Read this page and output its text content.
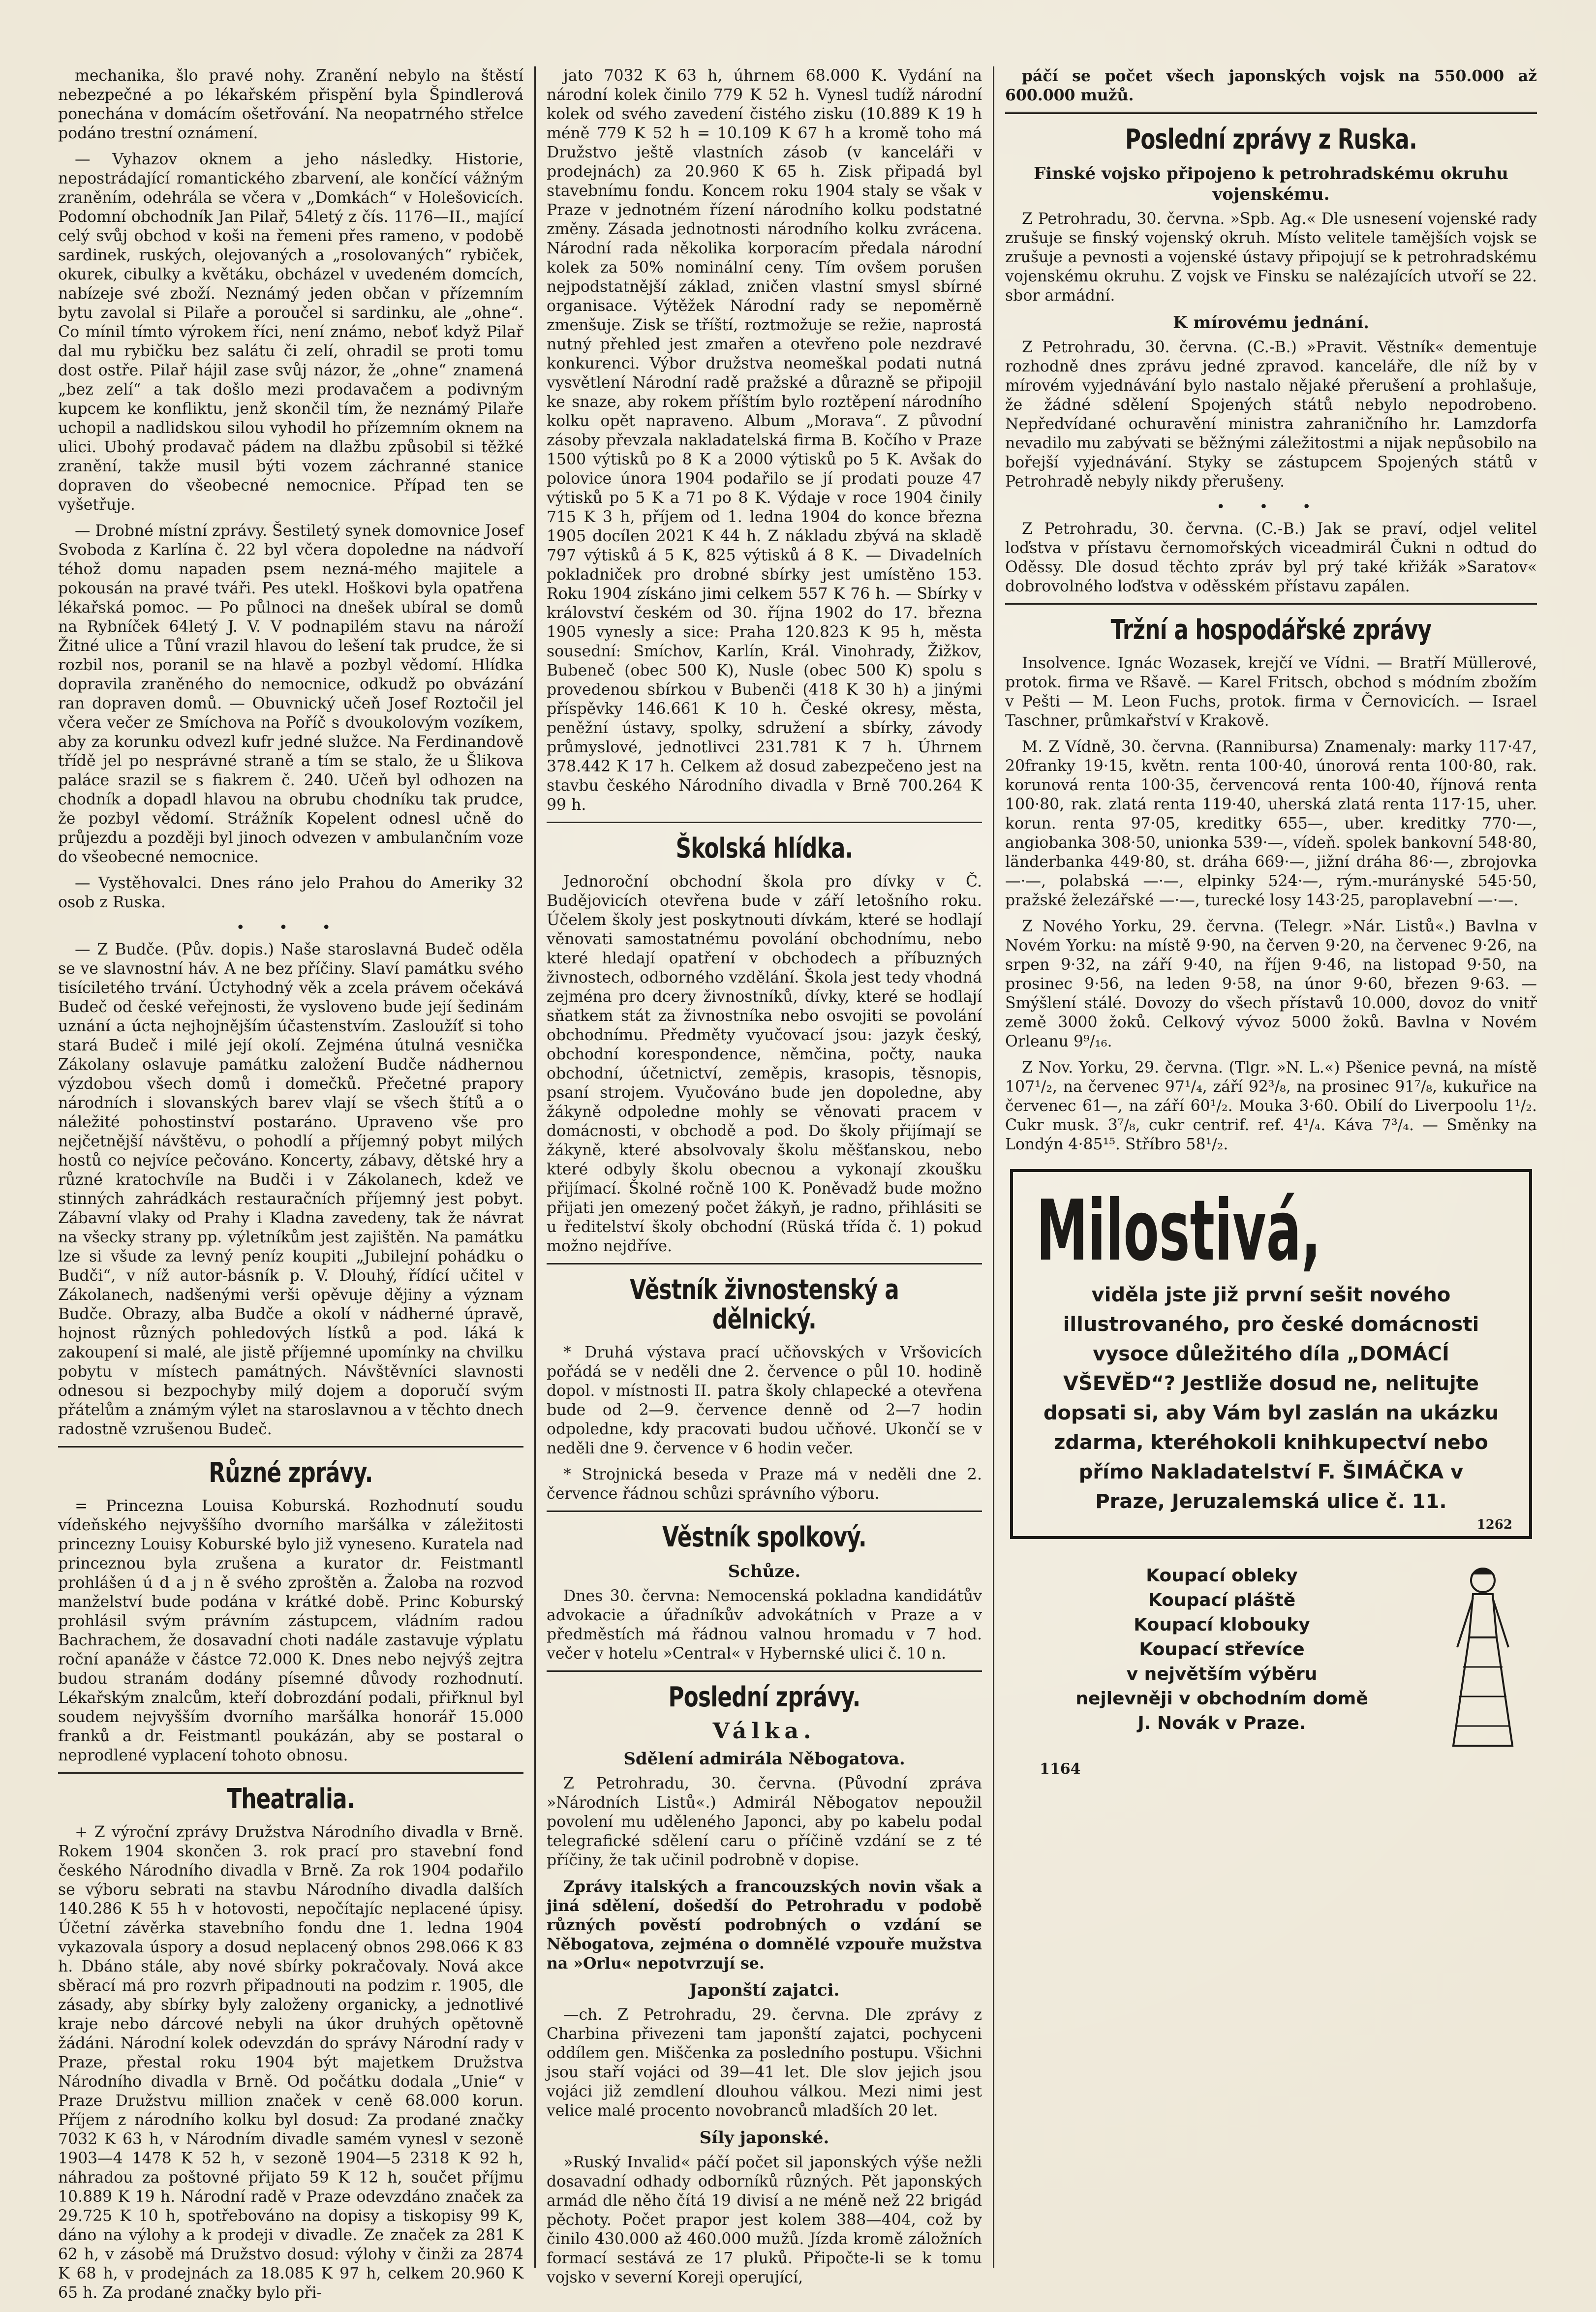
mechanika, šlo pravé nohy. Zranění nebylo na štěstí nebezpečné a po lékařském přispění byla Špindlerová ponechána v domácím ošetřování. Na neopatrného střelce podáno trestní oznámení.

— Vyhazov oknem a jeho následky. Historie, nepostrádající romantického zbarvení, ale končící vážným zraněním, odehrála se včera v „Domkách“ v Holešovicích. Podomní obchodník Jan Pilař, 54letý z čís. 1176—II., mající celý svůj obchod v koši na řemeni přes rameno, v podobě sardinek, ruských, olejovaných a „rosolovaných“ rybiček, okurek, cibulky a květáku, obcházel v uvedeném domcích, nabízeje své zboží. Neznámý jeden občan v přízemním bytu zavolal si Pilaře a poroučel si sardinku, ale „ohne“. Co mínil tímto výrokem říci, není známo, neboť když Pilař dal mu rybičku bez salátu či zelí, ohradil se proti tomu dost ostře. Pilař hájil zase svůj názor, že „ohne“ znamená „bez zelí“ a tak došlo mezi prodavačem a podivným kupcem ke konfliktu, jenž skončil tím, že neznámý Pilaře uchopil a nadlidskou silou vyhodil ho přízemním oknem na ulici. Ubohý prodavač pádem na dlažbu způsobil si těžké zranění, takže musil býti vozem záchranné stanice dopraven do všeobecné nemocnice. Případ ten se vyšetřuje.

— Drobné místní zprávy. Šestiletý synek domovnice Josef Svoboda z Karlína č. 22 byl včera dopoledne na nádvoří téhož domu napaden psem nezná-mého majitele a pokousán na pravé tváři. Pes utekl. Hoškovi byla opatřena lékařská pomoc. — Po půlnoci na dnešek ubíral se domů na Rybníček 64letý J. V. V podnapilém stavu na nároží Žitné ulice a Tůní vrazil hlavou do lešení tak prudce, že si rozbil nos, poranil se na hlavě a pozbyl vědomí. Hlídka dopravila zraněného do nemocnice, odkudž po obvázání ran dopraven domů. — Obuvnický učeň Josef Roztočil jel včera večer ze Smíchova na Poříč s dvoukolovým vozíkem, aby za korunku odvezl kufr jedné služce. Na Ferdinandově třídě jel po nesprávné straně a tím se stalo, že u Šlikova paláce srazil se s fiakrem č. 240. Učeň byl odhozen na chodník a dopadl hlavou na obrubu chodníku tak prudce, že pozbyl vědomí. Strážník Kopelent odnesl učně do průjezdu a později byl jinoch odvezen v ambulančním voze do všeobecné nemocnice.

— Vystěhovalci. Dnes ráno jelo Prahou do Ameriky 32 osob z Ruska.

• • •

— Z Budče. (Pův. dopis.) Naše staroslavná Budeč oděla se ve slavnostní háv. A ne bez příčiny. Slaví památku svého tisíciletého trvání. Úctyhodný věk a zcela právem očekává Budeč od české veřejnosti, že vysloveno bude její šedinám uznání a úcta nejhojnějším účastenstvím. Zasloužíť si toho stará Budeč i milé její okolí. Zejména útulná vesnička Zákolany oslavuje památku založení Budče nádhernou výzdobou všech domů i domečků. Přečetné prapory národních i slovanských barev vlají se všech štítů a o náležité pohostinství postaráno. Upraveno vše pro nejčetnější návštěvu, o pohodlí a příjemný pobyt milých hostů co nejvíce pečováno. Koncerty, zábavy, dětské hry a různé kratochvíle na Budči i v Zákolanech, kdež ve stinných zahrádkách restauračních příjemný jest pobyt. Zábavní vlaky od Prahy i Kladna zavedeny, tak že návrat na všecky strany pp. výletníkům jest zajištěn. Na památku lze si všude za levný peníz koupiti „Jubilejní pohádku o Budči“, v níž autor-básník p. V. Dlouhý, řídící učitel v Zákolanech, nadšenými verši opěvuje dějiny a význam Budče. Obrazy, alba Budče a okolí v nádherné úpravě, hojnost různých pohledových lístků a pod. láká k zakoupení si malé, ale jistě příjemné upomínky na chvilku pobytu v místech památných. Návštěvníci slavnosti odnesou si bezpochyby milý dojem a doporučí svým přátelům a známým výlet na staroslavnou a v těchto dnech radostně vzrušenou Budeč.

Různé zprávy.

= Princezna Louisa Koburská. Rozhodnutí soudu vídeňského nejvyššího dvorního maršálka v záležitosti princezny Louisy Koburské bylo již vyneseno. Kuratela nad princeznou byla zrušena a kurator dr. Feistmantl prohlášen ú d a j n ě svého zproštěn a. Žaloba na rozvod manželství bude podána v krátké době. Princ Koburský prohlásil svým právním zástupcem, vládním radou Bachrachem, že dosavadní choti nadále zastavuje výplatu roční apanáže v částce 72.000 K. Dnes nebo nejvýš zejtra budou stranám dodány písemné důvody rozhodnutí. Lékařským znalcům, kteří dobrozdání podali, přiřknul byl soudem nejvyšším dvorního maršálka honorář 15.000 franků a dr. Feistmantl poukázán, aby se postaral o neprodlené vyplacení tohoto obnosu.

Theatralia.

+ Z výroční zprávy Družstva Národního divadla v Brně. Rokem 1904 skončen 3. rok prací pro stavební fond českého Národního divadla v Brně. Za rok 1904 podařilo se výboru sebrati na stavbu Národního divadla dalších 140.286 K 55 h v hotovosti, nepočítajíc neplacené úpisy. Účetní závěrka stavebního fondu dne 1. ledna 1904 vykazovala úspory a dosud neplacený obnos 298.066 K 83 h. Dbáno stále, aby nové sbírky pokračovaly. Nová akce sběrací má pro rozvrh připadnouti na podzim r. 1905, dle zásady, aby sbírky byly založeny organicky, a jednotlivé kraje nebo dárcové nebyli na úkor druhých opětovně žádáni. Národní kolek odevzdán do správy Národní rady v Praze, přestal roku 1904 být majetkem Družstva Národního divadla v Brně. Od počátku dodala „Unie“ v Praze Družstvu million značek v ceně 68.000 korun. Příjem z národního kolku byl dosud: Za prodané značky 7032 K 63 h, v Národním divadle samém vynesl v sezoně 1903—4 1478 K 52 h, v sezoně 1904—5 2318 K 92 h, náhradou za poštovné přijato 59 K 12 h, součet příjmu 10.889 K 19 h. Národní radě v Praze odevzdáno značek za 29.725 K 10 h, spotřebováno na dopisy a tiskopisy 99 K, dáno na výlohy a k prodeji v divadle. Ze značek za 281 K 62 h, v zásobě má Družstvo dosud: výlohy v činži za 2874 K 68 h, v prodejnách za 18.085 K 97 h, celkem 20.960 K 65 h. Za prodané značky bylo při-

jato 7032 K 63 h, úhrnem 68.000 K. Vydání na národní kolek činilo 779 K 52 h. Vynesl tudíž národní kolek od svého zavedení čistého zisku (10.889 K 19 h méně 779 K 52 h = 10.109 K 67 h a kromě toho má Družstvo ještě vlastních zásob (v kanceláři v prodejnách) za 20.960 K 65 h. Zisk připadá byl stavebnímu fondu. Koncem roku 1904 staly se však v Praze v jednotném řízení národního kolku podstatné změny. Zásada jednotnosti národního kolku zvrácena. Národní rada několika korporacím předala národní kolek za 50% nominální ceny. Tím ovšem porušen nejpodstatnější základ, zničen vlastní smysl sbírné organisace. Výtěžek Národní rady se nepoměrně zmenšuje. Zisk se tříští, roztmožuje se režie, naprostá nutný přehled jest zmařen a otevřeno pole nezdravé konkurenci. Výbor družstva neomeškal podati nutná vysvětlení Národní radě pražské a důrazně se připojil ke snaze, aby rokem příštím bylo roztěpení národního kolku opět napraveno. Album „Morava“. Z původní zásoby převzala nakladatelská firma B. Kočího v Praze 1500 výtisků po 8 K a 2000 výtisků po 5 K. Avšak do polovice února 1904 podařilo se jí prodati pouze 47 výtisků po 5 K a 71 po 8 K. Výdaje v roce 1904 činily 715 K 3 h, příjem od 1. ledna 1904 do konce března 1905 docílen 2021 K 44 h. Z nákladu zbývá na skladě 797 výtisků á 5 K, 825 výtisků á 8 K. — Divadelních pokladniček pro drobné sbírky jest umístěno 153. Roku 1904 získáno jimi celkem 557 K 76 h. — Sbírky v království českém od 30. října 1902 do 17. března 1905 vynesly a sice: Praha 120.823 K 95 h, města sousední: Smíchov, Karlín, Král. Vinohrady, Žižkov, Bubeneč (obec 500 K), Nusle (obec 500 K) spolu s provedenou sbírkou v Bubenči (418 K 30 h) a jinými příspěvky 146.661 K 10 h. České okresy, města, peněžní ústavy, spolky, sdružení a sbírky, závody průmyslové, jednotlivci 231.781 K 7 h. Úhrnem 378.442 K 17 h. Celkem až dosud zabezpečeno jest na stavbu českého Národního divadla v Brně 700.264 K 99 h.

Školská hlídka.

Jednoroční obchodní škola pro dívky v Č. Budějovicích otevřena bude v září letošního roku. Účelem školy jest poskytnouti dívkám, které se hodlají věnovati samostatnému povolání obchodnímu, nebo které hledají opatření v obchodech a příbuzných živnostech, odborného vzdělání. Škola jest tedy vhodná zejména pro dcery živnostníků, dívky, které se hodlají sňatkem stát za živnostníka nebo osvojiti se povolání obchodnímu. Předměty vyučovací jsou: jazyk český, obchodní korespondence, němčina, počty, nauka obchodní, účetnictví, zeměpis, krasopis, těsnopis, psaní strojem. Vyučováno bude jen dopoledne, aby žákyně odpoledne mohly se věnovati pracem v domácnosti, v obchodě a pod. Do školy přijímají se žákyně, které absolvovaly školu měšťanskou, nebo které odbyly školu obecnou a vykonají zkoušku přijímací. Školné ročně 100 K. Poněvadž bude možno přijati jen omezený počet žákyň, je radno, přihlásiti se u ředitelství školy obchodní (Rüská třída č. 1) pokud možno nejdříve.

Věstník živnostenský a dělnický.

* Druhá výstava prací učňovských v Vršovicích pořádá se v neděli dne 2. července o půl 10. hodině dopol. v místnosti II. patra školy chlapecké a otevřena bude od 2—9. července denně od 2—7 hodin odpoledne, kdy pracovati budou učňové. Ukončí se v neděli dne 9. července v 6 hodin večer.

* Strojnická beseda v Praze má v neděli dne 2. července řádnou schůzi správního výboru.

Věstník spolkový.
Schůze.

Dnes 30. června: Nemocenská pokladna kandidátův advokacie a úřadníkův advokátních v Praze a v předměstích má řádnou valnou hromadu v 7 hod. večer v hotelu »Central« v Hybernské ulici č. 10 n.

Poslední zprávy.
Válka.
Sdělení admirála Něbogatova.

Z Petrohradu, 30. června. (Původní zpráva »Národních Listů«.) Admirál Něbogatov nepoužil povolení mu uděleného Japonci, aby po kabelu podal telegrafické sdělení caru o příčině vzdání se z té příčiny, že tak učinil podrobně v dopise.

Zprávy italských a francouzských novin však a jiná sdělení, došedší do Petrohradu v podobě různých pověstí podrobných o vzdání se Něbogatova, zejména o domnělé vzpouře mužstva na »Orlu« nepotvrzují se.

Japonští zajatci.

—ch. Z Petrohradu, 29. června. Dle zprávy z Charbina přivezeni tam japonští zajatci, pochyceni oddílem gen. Miščenka za posledního postupu. Všichni jsou staří vojáci od 39—41 let. Dle slov jejich jsou vojáci již zemdlení dlouhou válkou. Mezi nimi jest velice malé procento novobranců mladších 20 let.

Síly japonské.

»Ruský Invalid« páčí počet sil japonských výše nežli dosavadní odhady odborníků různých. Pět japonských armád dle něho čítá 19 divisí a ne méně než 22 brigád pěchoty. Počet prapor jest kolem 388—404, což by činilo 430.000 až 460.000 mužů. Jízda kromě záložních formací sestává ze 17 pluků. Připočte-li se k tomu vojsko v severní Koreji operující,

páčí se počet všech japonských vojsk na 550.000 až 600.000 mužů.

Poslední zprávy z Ruska.
Finské vojsko připojeno k petrohradskému okruhu vojenskému.

Z Petrohradu, 30. června. »Spb. Ag.« Dle usnesení vojenské rady zrušuje se finský vojenský okruh. Místo velitele tamějších vojsk se zrušuje a pevnosti a vojenské ústavy připojují se k petrohradskému vojenskému okruhu. Z vojsk ve Finsku se nalézajících utvoří se 22. sbor armádní.

K mírovému jednání.

Z Petrohradu, 30. června. (C.-B.) »Pravit. Věstník« dementuje rozhodně dnes zprávu jedné zpravod. kanceláře, dle níž by v mírovém vyjednávání bylo nastalo nějaké přerušení a prohlašuje, že žádné sdělení Spojených států nebylo nepodrobeno. Nepředvídané ochuravění ministra zahraničního hr. Lamzdorfa nevadilo mu zabývati se běžnými záležitostmi a nijak nepůsobilo na bořejší vyjednávání. Styky se zástupcem Spojených států v Petrohradě nebyly nikdy přerušeny.

• • •

Z Petrohradu, 30. června. (C.-B.) Jak se praví, odjel velitel loďstva v přístavu černomořských viceadmirál Čukni n odtud do Oděssy. Dle dosud těchto zpráv byl prý také křižák »Saratov« dobrovolného loďstva v oděsském přístavu zapálen.

Tržní a hospodářské zprávy

Insolvence. Ignác Wozasek, krejčí ve Vídni. — Bratří Müllerové, protok. firma ve Ršavě. — Karel Fritsch, obchod s módním zbožím v Pešti — M. Leon Fuchs, protok. firma v Černovicích. — Israel Taschner, průmkařství v Krakově.

M. Z Vídně, 30. června. (Rannibursa) Znamenaly: marky 117·47, 20franky 19·15, květn. renta 100·40, únorová renta 100·80, rak. korunová renta 100·35, červencová renta 100·40, říjnová renta 100·80, rak. zlatá renta 119·40, uherská zlatá renta 117·15, uher. korun. renta 97·05, kreditky 655—, uber. kreditky 770·—, angiobanka 308·50, unionka 539·—, vídeň. spolek bankovní 548·80, länderbanka 449·80, st. dráha 669·—, jižní dráha 86·—, zbrojovka —·—, polabská —·—, elpinky 524·—, rým.-murányské 545·50, pražské železářské —·—, turecké losy 143·25, paroplavební —·—.

Z Nového Yorku, 29. června. (Telegr. »Nár. Listů«.) Bavlna v Novém Yorku: na místě 9·90, na červen 9·20, na červenec 9·26, na srpen 9·32, na září 9·40, na říjen 9·46, na listopad 9·50, na prosinec 9·56, na leden 9·58, na únor 9·60, březen 9·63. — Smýšlení stálé. Dovozy do všech přístavů 10.000, dovoz do vnitř země 3000 žoků. Celkový vývoz 5000 žoků. Bavlna v Novém Orleanu 9⁹/₁₆.

Z Nov. Yorku, 29. června. (Tlgr. »N. L.«) Pšenice pevná, na místě 107¹/₂, na červenec 97¹/₄, září 92³/₈, na prosinec 91⁷/₈, kukuřice na červenec 61—, na září 60¹/₂. Mouka 3·60. Obilí do Liverpoolu 1¹/₂. Cukr musk. 3⁷/₈, cukr centrif. ref. 4¹/₄. Káva 7³/₄. — Směnky na Londýn 4·85¹⁵. Stříbro 58¹/₂.

Milostivá,
viděla jste již první sešit nového illustrovaného, pro české domácnosti vysoce důležitého díla „DOMÁCÍ VŠEVĚD“? Jestliže dosud ne, nelitujte dopsati si, aby Vám byl zaslán na ukázku zdarma, kteréhokoli knihkupectví nebo přímo Nakladatelství F. ŠIMÁČKA v Praze, Jeruzalemská ulice č. 11.
1262
Koupací obleky
Koupací pláště
Koupací klobouky
Koupací střevíce
v největším výběru
nejlevněji v obchodním domě
J. Novák v Praze.
1164
